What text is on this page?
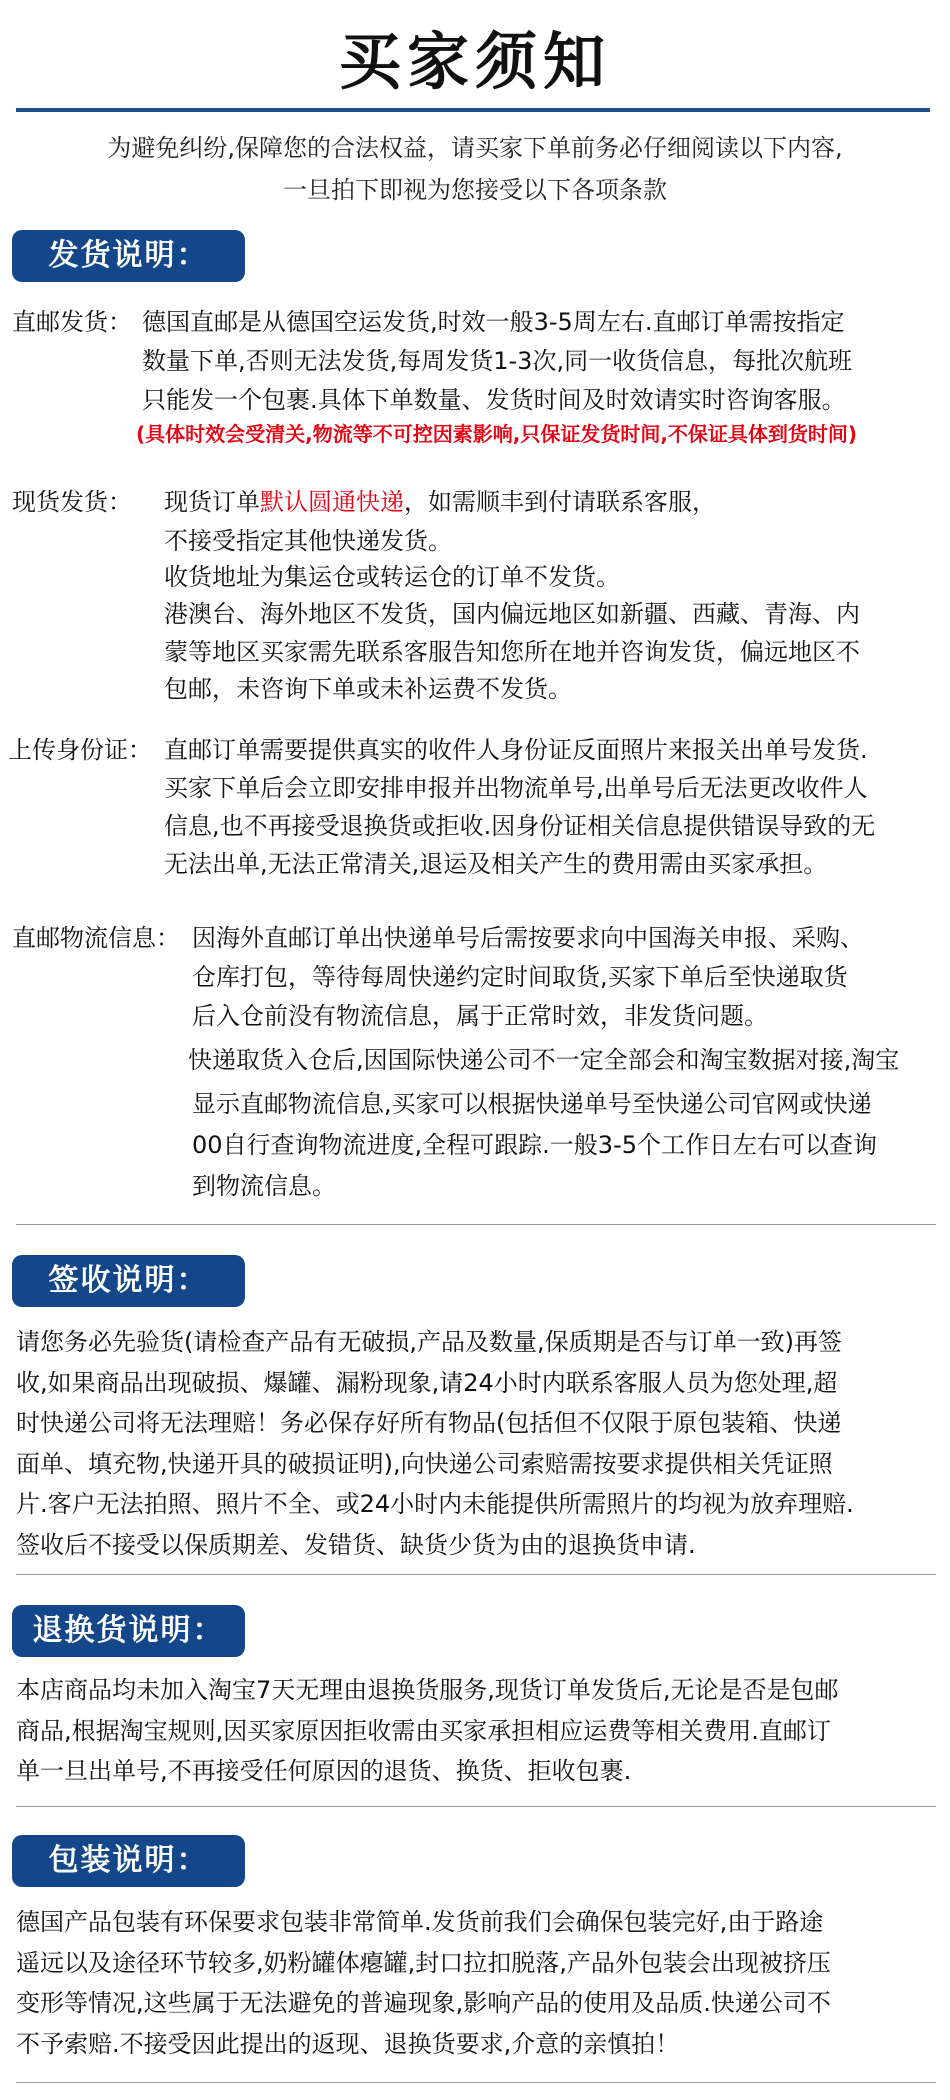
买家须知
为避免纠纷,保障您的合法权益，请买家下单前务必仔细阅读以下内容,
一旦拍下即视为您接受以下各项条款
发货说明：
直邮发货： 德国直邮是从德国空运发货,时效一般3-5周左右.直邮订单需按指定
数量下单,否则无法发货,每周发货1-3次,同一收货信息，每批次航班
只能发一个包裹.具体下单数量、发货时间及时效请实时咨询客服。
(具体时效会受清关,物流等不可控因素影响,只保证发货时间,不保证具体到货时间)
现货发货： 现货订单默认圆通快递，如需顺丰到付请联系客服，
不接受指定其他快递发货。
收货地址为集运仓或转运仓的订单不发货。
港澳台、海外地区不发货，国内偏远地区如新疆、西藏、青海、内
蒙等地区买家需先联系客服告知您所在地并咨询发货，偏远地区不
包邮，未咨询下单或未补运费不发货。
上传身份证： 直邮订单需要提供真实的收件人身份证反面照片来报关出单号发货.
买家下单后会立即安排申报并出物流单号,出单号后无法更改收件人
信息,也不再接受退换货或拒收.因身份证相关信息提供错误导致的无
无法出单,无法正常清关,退运及相关产生的费用需由买家承担。
直邮物流信息： 因海外直邮订单出快递单号后需按要求向中国海关申报、采购、
仓库打包，等待每周快递约定时间取货,买家下单后至快递取货
后入仓前没有物流信息，属于正常时效，非发货问题。
快递取货入仓后,因国际快递公司不一定全部会和淘宝数据对接,淘宝
显示直邮物流信息,买家可以根据快递单号至快递公司官网或快递
00自行查询物流进度,全程可跟踪.一般3-5个工作日左右可以查询
到物流信息。
签收说明：
请您务必先验货(请检查产品有无破损,产品及数量,保质期是否与订单一致)再签
收,如果商品出现破损、爆罐、漏粉现象,请24小时内联系客服人员为您处理,超
时快递公司将无法理赔！务必保存好所有物品(包括但不仅限于原包装箱、快递
面单、填充物,快递开具的破损证明),向快递公司索赔需按要求提供相关凭证照
片.客户无法拍照、照片不全、或24小时内未能提供所需照片的均视为放弃理赔.
签收后不接受以保质期差、发错货、缺货少货为由的退换货申请.
退换货说明：
本店商品均未加入淘宝7天无理由退换货服务,现货订单发货后,无论是否是包邮
商品,根据淘宝规则,因买家原因拒收需由买家承担相应运费等相关费用.直邮订
单一旦出单号,不再接受任何原因的退货、换货、拒收包裹.
包装说明：
德国产品包装有环保要求包装非常简单.发货前我们会确保包装完好,由于路途
遥远以及途径环节较多,奶粉罐体瘪罐,封口拉扣脱落,产品外包装会出现被挤压
变形等情况,这些属于无法避免的普遍现象,影响产品的使用及品质.快递公司不
不予索赔.不接受因此提出的返现、退换货要求,介意的亲慎拍！
